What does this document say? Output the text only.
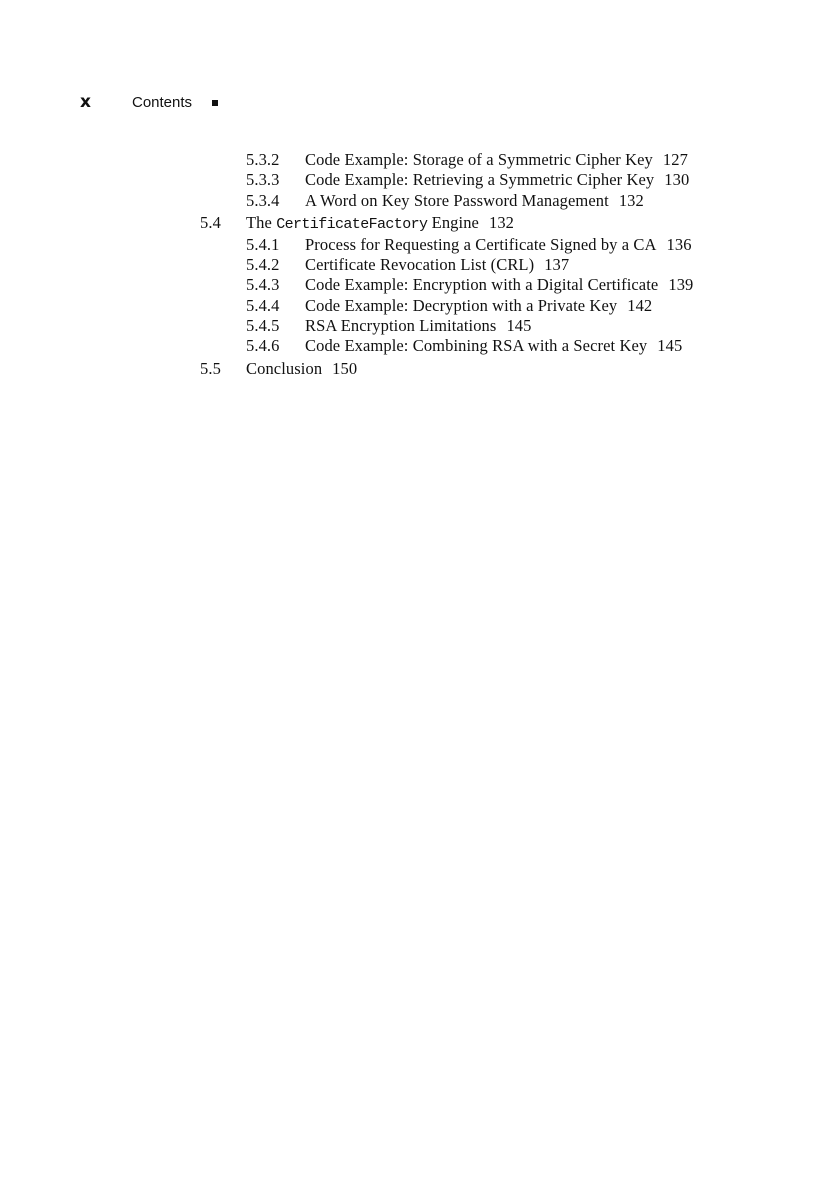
x	Contents
5.3.2 Code Example: Storage of a Symmetric Cipher Key 127
5.3.3 Code Example: Retrieving a Symmetric Cipher Key 130
5.3.4 A Word on Key Store Password Management 132
5.4 The CertificateFactory Engine 132
5.4.1 Process for Requesting a Certificate Signed by a CA 136
5.4.2 Certificate Revocation List (CRL) 137
5.4.3 Code Example: Encryption with a Digital Certificate 139
5.4.4 Code Example: Decryption with a Private Key 142
5.4.5 RSA Encryption Limitations 145
5.4.6 Code Example: Combining RSA with a Secret Key 145
5.5 Conclusion 150
